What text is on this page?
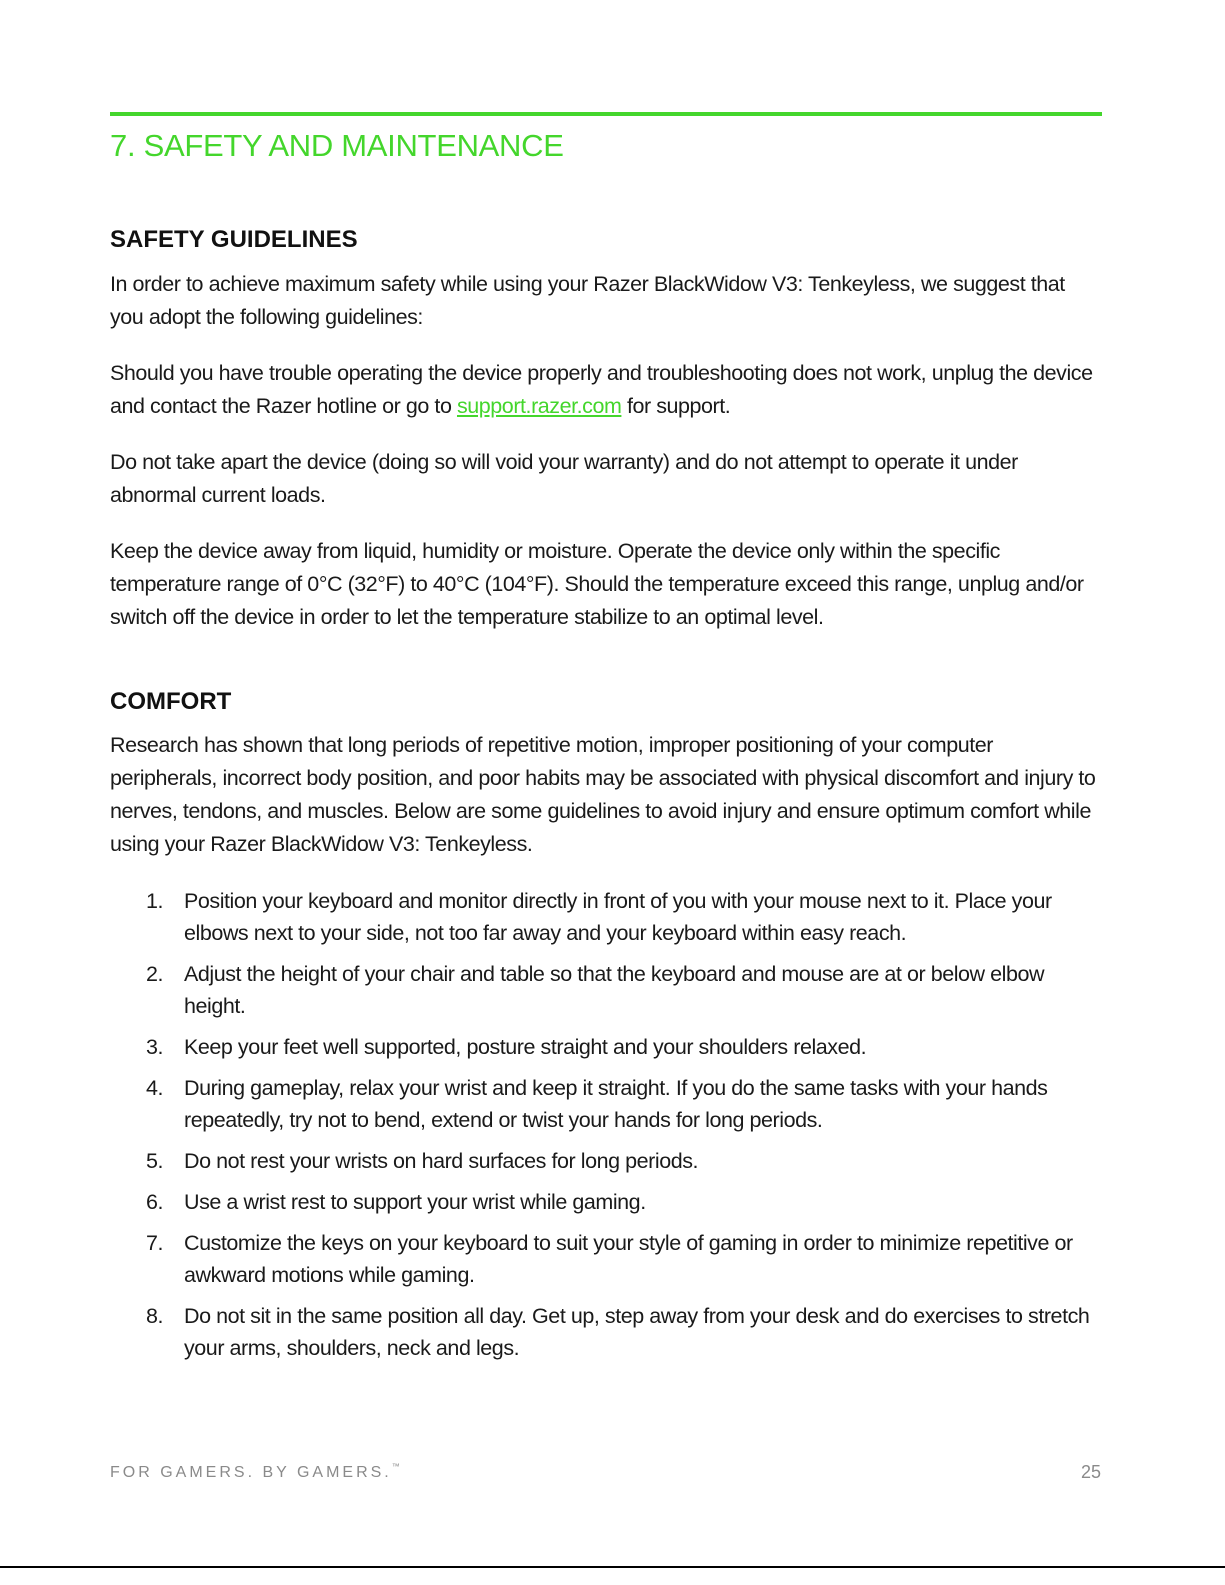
7. SAFETY AND MAINTENANCE
SAFETY GUIDELINES

In order to achieve maximum safety while using your Razer BlackWidow V3: Tenkeyless, we suggest that you adopt the following guidelines:

Should you have trouble operating the device properly and troubleshooting does not work, unplug the device and contact the Razer hotline or go to support.razer.com for support.

Do not take apart the device (doing so will void your warranty) and do not attempt to operate it under abnormal current loads.

Keep the device away from liquid, humidity or moisture. Operate the device only within the specific temperature range of 0°C (32°F) to 40°C (104°F). Should the temperature exceed this range, unplug and/or switch off the device in order to let the temperature stabilize to an optimal level.

COMFORT

Research has shown that long periods of repetitive motion, improper positioning of your computer peripherals, incorrect body position, and poor habits may be associated with physical discomfort and injury to nerves, tendons, and muscles. Below are some guidelines to avoid injury and ensure optimum comfort while using your Razer BlackWidow V3: Tenkeyless.

1. Position your keyboard and monitor directly in front of you with your mouse next to it. Place your elbows next to your side, not too far away and your keyboard within easy reach.
2. Adjust the height of your chair and table so that the keyboard and mouse are at or below elbow height.
3. Keep your feet well supported, posture straight and your shoulders relaxed.
4. During gameplay, relax your wrist and keep it straight. If you do the same tasks with your hands repeatedly, try not to bend, extend or twist your hands for long periods.
5. Do not rest your wrists on hard surfaces for long periods.
6. Use a wrist rest to support your wrist while gaming.
7. Customize the keys on your keyboard to suit your style of gaming in order to minimize repetitive or awkward motions while gaming.
8. Do not sit in the same position all day. Get up, step away from your desk and do exercises to stretch your arms, shoulders, neck and legs.
FOR GAMERS. BY GAMERS.™	25
